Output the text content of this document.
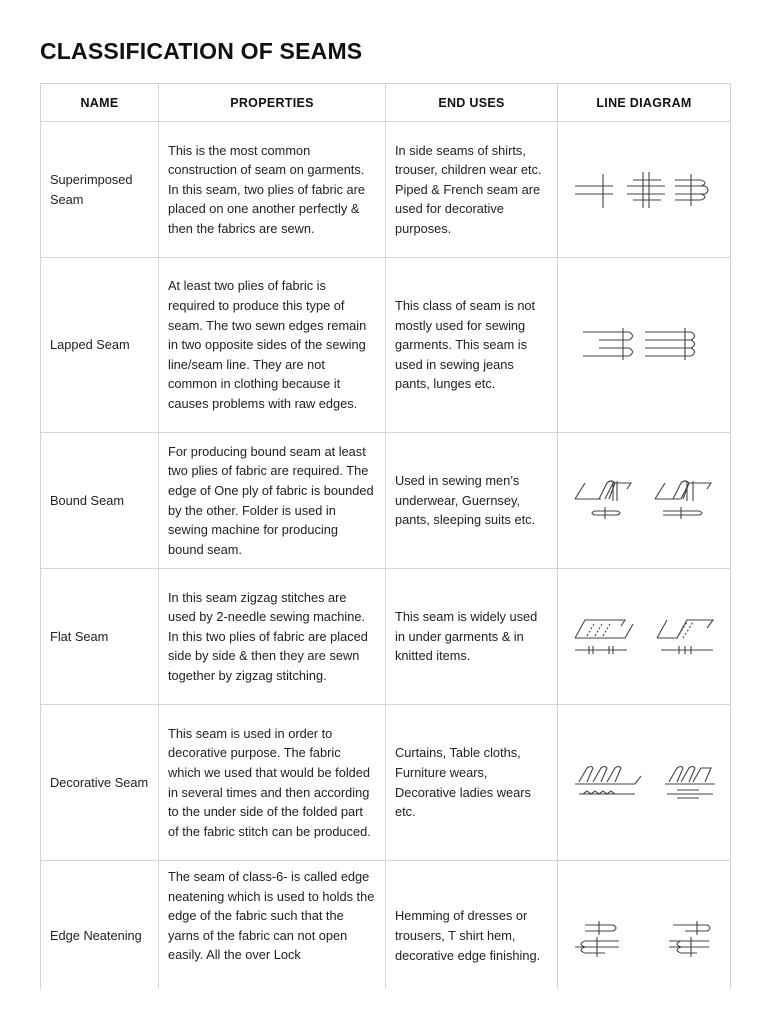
CLASSIFICATION OF SEAMS
NAME	PROPERTIES	END USES	LINE DIAGRAM
Superimposed Seam	This is the most common construction of seam on garments. In this seam, two plies of fabric are placed on one another perfectly & then the fabrics are sewn.	In side seams of shirts, trouser, children wear etc. Piped & French seam are used for decorative purposes.	

Lapped Seam	At least two plies of fabric is required to produce this type of seam. The two sewn edges remain in two opposite sides of the sewing line/seam line. They are not common in clothing because it causes problems with raw edges.	This class of seam is not mostly used for sewing garments. This seam is used in sewing jeans pants, lunges etc.	

Bound Seam	For producing bound seam at least two plies of fabric are required. The edge of One ply of fabric is bounded by the other. Folder is used in sewing machine for producing bound seam.	Used in sewing men’s underwear, Guernsey, pants, sleeping suits etc.	

Flat Seam	In this seam zigzag stitches are used by 2-needle sewing machine. In this two plies of fabric are placed side by side & then they are sewn together by zigzag stitching.	This seam is widely used in under garments & in knitted items.	

Decorative Seam	This seam is used in order to decorative purpose. The fabric which we used that would be folded in several times and then according to the under side of the folded part of the fabric stitch can be produced.	Curtains, Table cloths, Furniture wears, Decorative ladies wears etc.	

Edge Neatening	The seam of class-6- is called edge neatening which is used to holds the edge of the fabric such that the yarns of the fabric can not open easily. All the over Lock	Hemming of dresses or trousers, T shirt hem, decorative edge finishing.	
